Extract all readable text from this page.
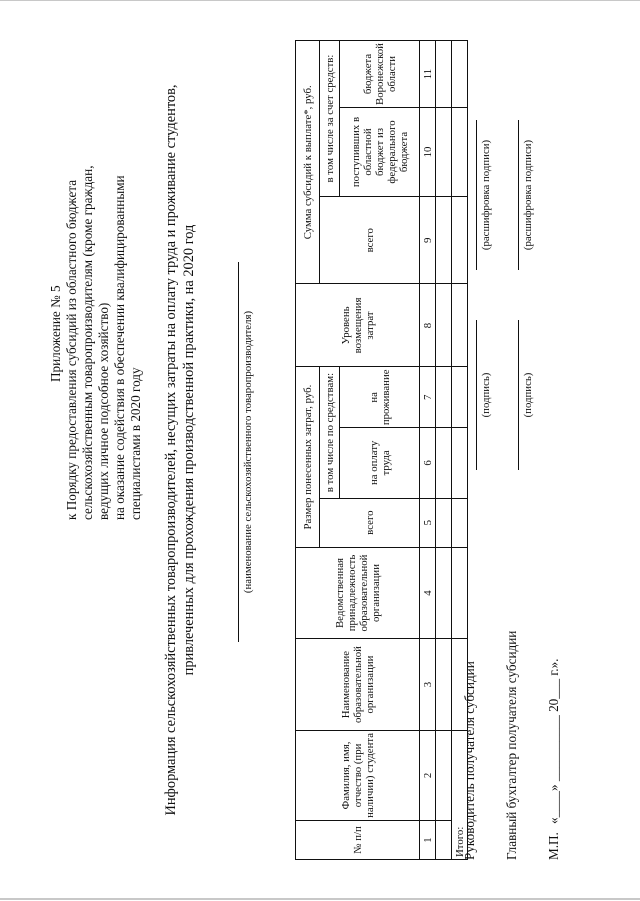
Приложение № 5 к Порядку предоставления субсидий из областного бюджета сельскохозяйственным товаропроизводителям (кроме граждан, ведущих личное подсобное хозяйство) на оказание содействия в обеспечении квалифицированными специалистами в 2020 году Информация сельскохозяйственных товаропроизводителей, несущих затраты на оплату труда и проживание студентов, привлеченных для прохождения производственной практики, на 2020 год	(наименование сельскохозяйственного товаропроизводителя)
№ п/п	Фамилия, имя, отчество (при наличии) студента	Наименование образовательной организации	Ведомственная принадлежность образовательной организации	Размер понесенных затрат, руб.			Уровень возмещения затрат	Сумма субсидий к выплате*, руб.		
				всего	в том числе по средствам:			всего	в том числе за счет средств:	
					на оплату труда	на проживание			поступивших в областной бюджет из федерального бюджета	бюджета Воронежской области
1	2	3	4	5	6	7	8	9	10	11

Итого:										
Руководитель получателя субсидии
(подпись)
(расшифровка подписи)
Главный бухгалтер получателя субсидии
(подпись)
(расшифровка подписи)
М.П.
«____» __________ 20___ г.».
